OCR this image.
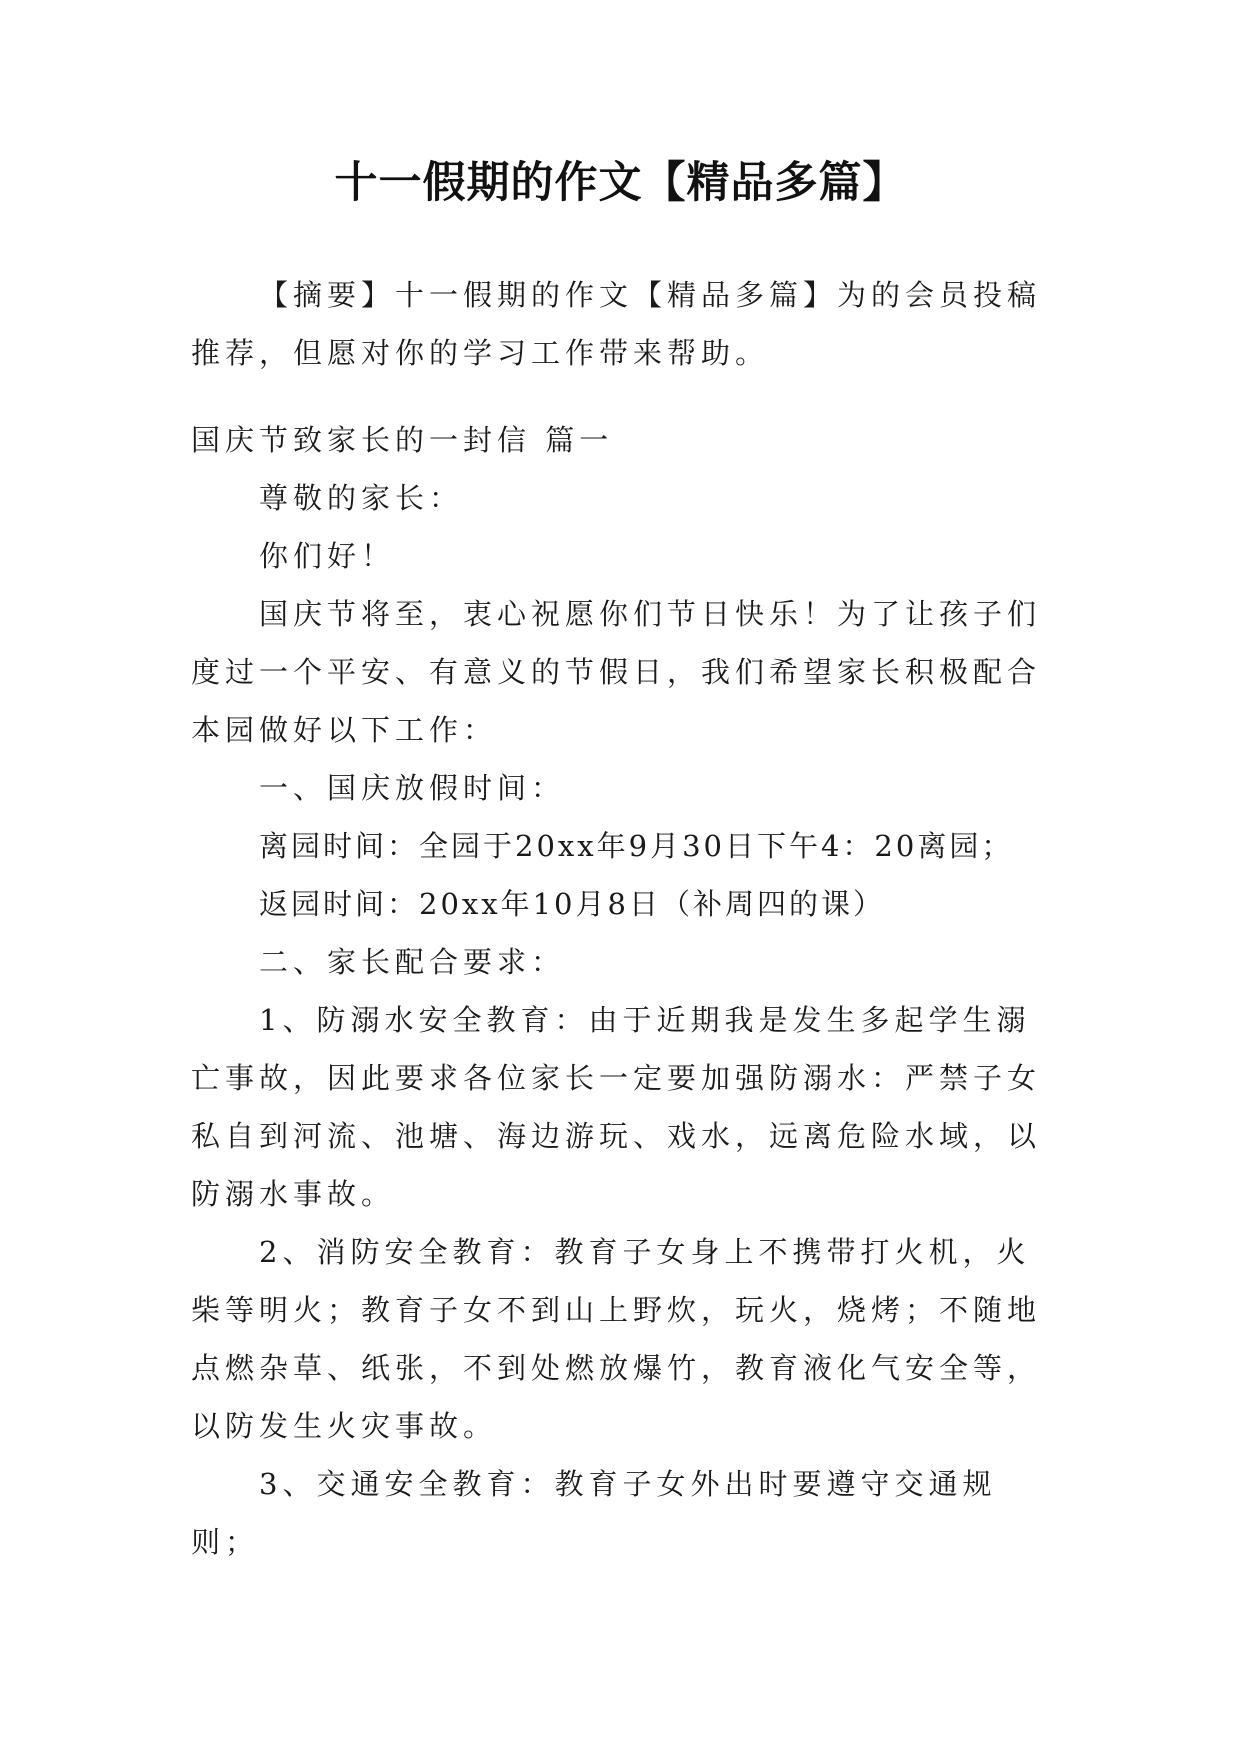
十一假期的作文【精品多篇】

【摘要】十一假期的作文【精品多篇】为的会员投稿推荐，但愿对你的学习工作带来帮助。

国庆节致家长的一封信 篇一

尊敬的家长：

你们好！

国庆节将至，衷心祝愿你们节日快乐！为了让孩子们度过一个平安、有意义的节假日，我们希望家长积极配合本园做好以下工作：

一、国庆放假时间：

离园时间：全园于20xx年9月30日下午4：20离园；

返园时间：20xx年10月8日（补周四的课）

二、家长配合要求：

1、防溺水安全教育：由于近期我是发生多起学生溺亡事故，因此要求各位家长一定要加强防溺水：严禁子女私自到河流、池塘、海边游玩、戏水，远离危险水域，以防溺水事故。

2、消防安全教育：教育子女身上不携带打火机，火柴等明火；教育子女不到山上野炊，玩火，烧烤；不随地点燃杂草、纸张，不到处燃放爆竹，教育液化气安全等，以防发生火灾事故。

3、交通安全教育：教育子女外出时要遵守交通规则；
